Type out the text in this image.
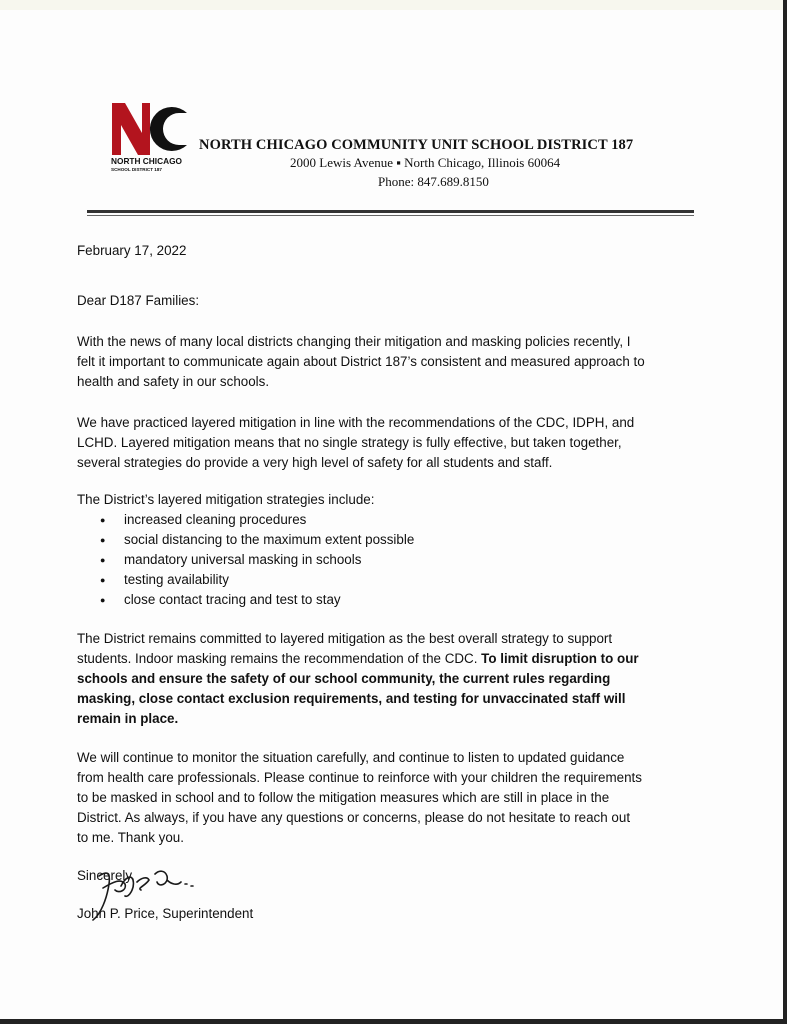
NORTH CHICAGO
SCHOOL DISTRICT 187
NORTH CHICAGO COMMUNITY UNIT SCHOOL DISTRICT 187
2000 Lewis Avenue ▪ North Chicago, Illinois 60064
Phone: 847.689.8150
February 17, 2022
Dear D187 Families:
With the news of many local districts changing their mitigation and masking policies recently, I
felt it important to communicate again about District 187’s consistent and measured approach to
health and safety in our schools.
We have practiced layered mitigation in line with the recommendations of the CDC, IDPH, and
LCHD. Layered mitigation means that no single strategy is fully effective, but taken together,
several strategies do provide a very high level of safety for all students and staff.
The District’s layered mitigation strategies include:
● increased cleaning procedures
● social distancing to the maximum extent possible
● mandatory universal masking in schools
● testing availability
● close contact tracing and test to stay
The District remains committed to layered mitigation as the best overall strategy to support
students. Indoor masking remains the recommendation of the CDC. To limit disruption to our
schools and ensure the safety of our school community, the current rules regarding
masking, close contact exclusion requirements, and testing for unvaccinated staff will
remain in place.
We will continue to monitor the situation carefully, and continue to listen to updated guidance
from health care professionals. Please continue to reinforce with your children the requirements
to be masked in school and to follow the mitigation measures which are still in place in the
District. As always, if you have any questions or concerns, please do not hesitate to reach out
to me. Thank you.
Sincerely,
John P. Price, Superintendent
